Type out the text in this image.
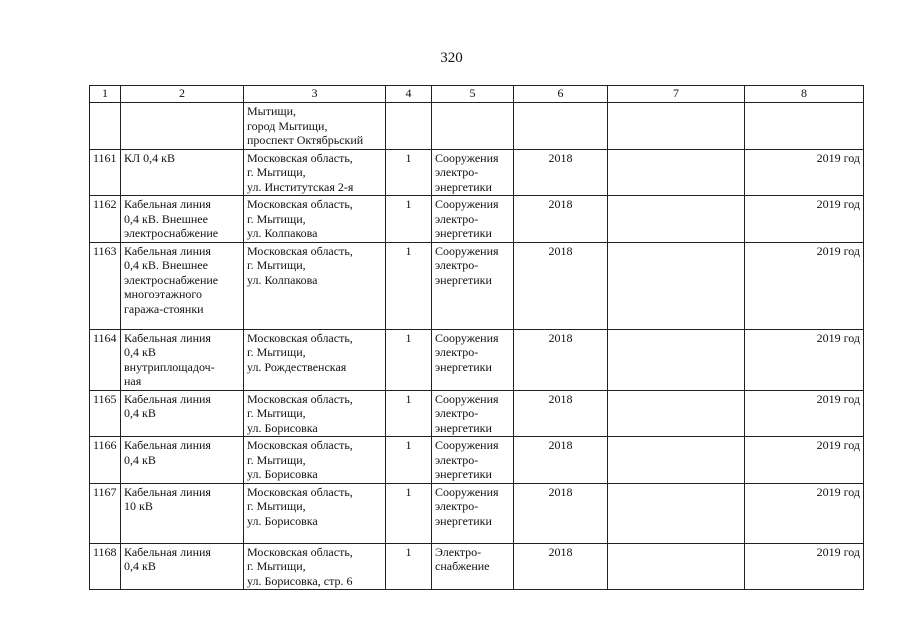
320
1	2	3	4	5	6	7	8
		Мытищи,
город Мытищи,
проспект Октябрьский					
1161	КЛ 0,4 кВ	Московская область,
г. Мытищи,
ул. Институтская 2-я	1	Сооружения
электро-
энергетики	2018		2019 год
1162	Кабельная линия
0,4 кВ. Внешнее
электроснабжение	Московская область,
г. Мытищи,
ул. Колпакова	1	Сооружения
электро-
энергетики	2018		2019 год
1163	Кабельная линия
0,4 кВ. Внешнее
электроснабжение
многоэтажного
гаража-стоянки	Московская область,
г. Мытищи,
ул. Колпакова	1	Сооружения
электро-
энергетики	2018		2019 год
1164	Кабельная линия
0,4 кВ
внутриплощадоч-
ная	Московская область,
г. Мытищи,
ул. Рождественская	1	Сооружения
электро-
энергетики	2018		2019 год
1165	Кабельная линия
0,4 кВ	Московская область,
г. Мытищи,
ул. Борисовка	1	Сооружения
электро-
энергетики	2018		2019 год
1166	Кабельная линия
0,4 кВ	Московская область,
г. Мытищи,
ул. Борисовка	1	Сооружения
электро-
энергетики	2018		2019 год
1167	Кабельная линия
10 кВ	Московская область,
г. Мытищи,
ул. Борисовка	1	Сооружения
электро-
энергетики	2018		2019 год
1168	Кабельная линия
0,4 кВ	Московская область,
г. Мытищи,
ул. Борисовка, стр. 6	1	Электро-
снабжение	2018		2019 год
